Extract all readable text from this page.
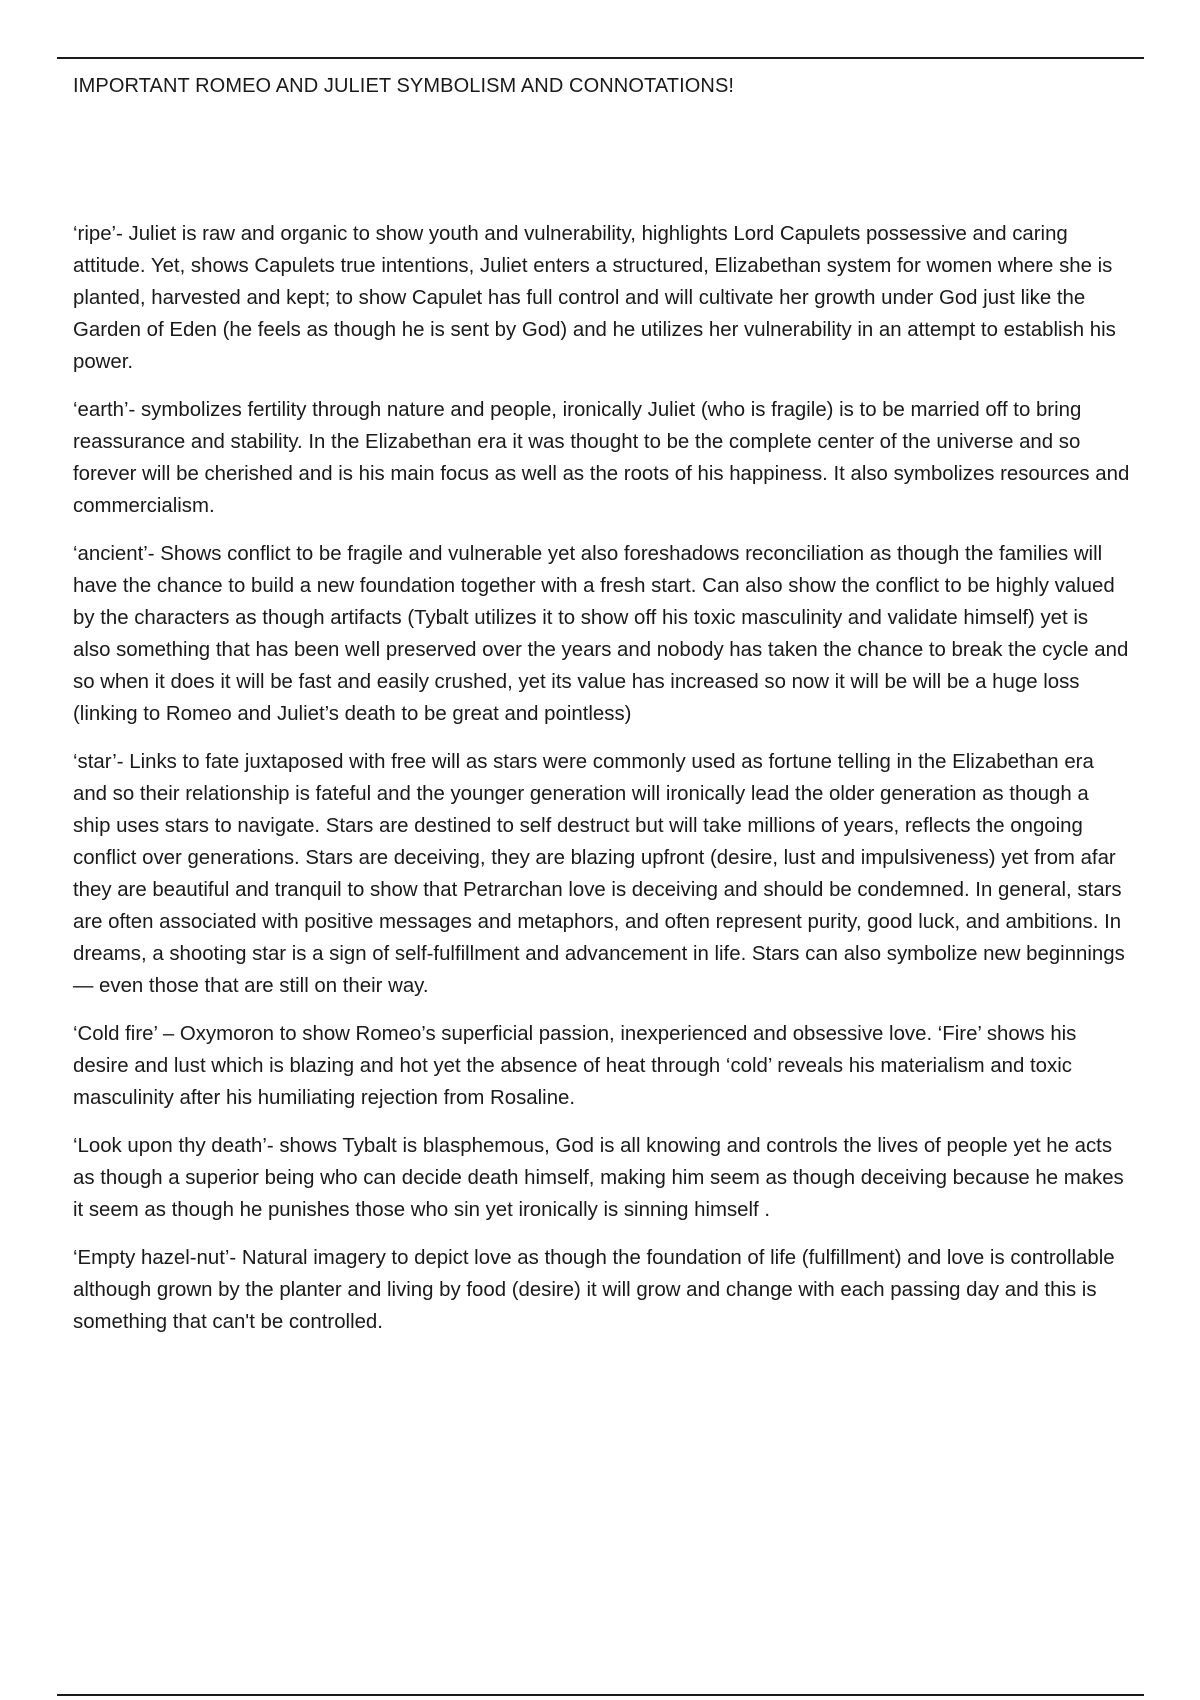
IMPORTANT ROMEO AND JULIET SYMBOLISM AND CONNOTATIONS!

‘ripe’- Juliet is raw and organic to show youth and vulnerability, highlights Lord Capulets possessive and caring attitude. Yet, shows Capulets true intentions, Juliet enters a structured, Elizabethan system for women where she is planted, harvested and kept; to show Capulet has full control and will cultivate her growth under God just like the Garden of Eden (he feels as though he is sent by God) and he utilizes her vulnerability in an attempt to establish his power.

‘earth’- symbolizes fertility through nature and people, ironically Juliet (who is fragile) is to be married off to bring reassurance and stability. In the Elizabethan era it was thought to be the complete center of the universe and so forever will be cherished and is his main focus as well as the roots of his happiness. It also symbolizes resources and commercialism.

‘ancient’- Shows conflict to be fragile and vulnerable yet also foreshadows reconciliation as though the families will have the chance to build a new foundation together with a fresh start. Can also show the conflict to be highly valued by the characters as though artifacts (Tybalt utilizes it to show off his toxic masculinity and validate himself) yet is also something that has been well preserved over the years and nobody has taken the chance to break the cycle and so when it does it will be fast and easily crushed, yet its value has increased so now it will be will be a huge loss (linking to Romeo and Juliet’s death to be great and pointless)

‘star’- Links to fate juxtaposed with free will as stars were commonly used as fortune telling in the Elizabethan era and so their relationship is fateful and the younger generation will ironically lead the older generation as though a ship uses stars to navigate. Stars are destined to self destruct but will take millions of years, reflects the ongoing conflict over generations. Stars are deceiving, they are blazing upfront (desire, lust and impulsiveness) yet from afar they are beautiful and tranquil to show that Petrarchan love is deceiving and should be condemned. In general, stars are often associated with positive messages and metaphors, and often represent purity, good luck, and ambitions. In dreams, a shooting star is a sign of self-fulfillment and advancement in life. Stars can also symbolize new beginnings — even those that are still on their way.

‘Cold fire’ – Oxymoron to show Romeo’s superficial passion, inexperienced and obsessive love. ‘Fire’ shows his desire and lust which is blazing and hot yet the absence of heat through ‘cold’ reveals his materialism and toxic masculinity after his humiliating rejection from Rosaline.

‘Look upon thy death’- shows Tybalt is blasphemous, God is all knowing and controls the lives of people yet he acts as though a superior being who can decide death himself, making him seem as though deceiving because he makes it seem as though he punishes those who sin yet ironically is sinning himself .

‘Empty hazel-nut’- Natural imagery to depict love as though the foundation of life (fulfillment) and love is controllable although grown by the planter and living by food (desire) it will grow and change with each passing day and this is something that can't be controlled.
